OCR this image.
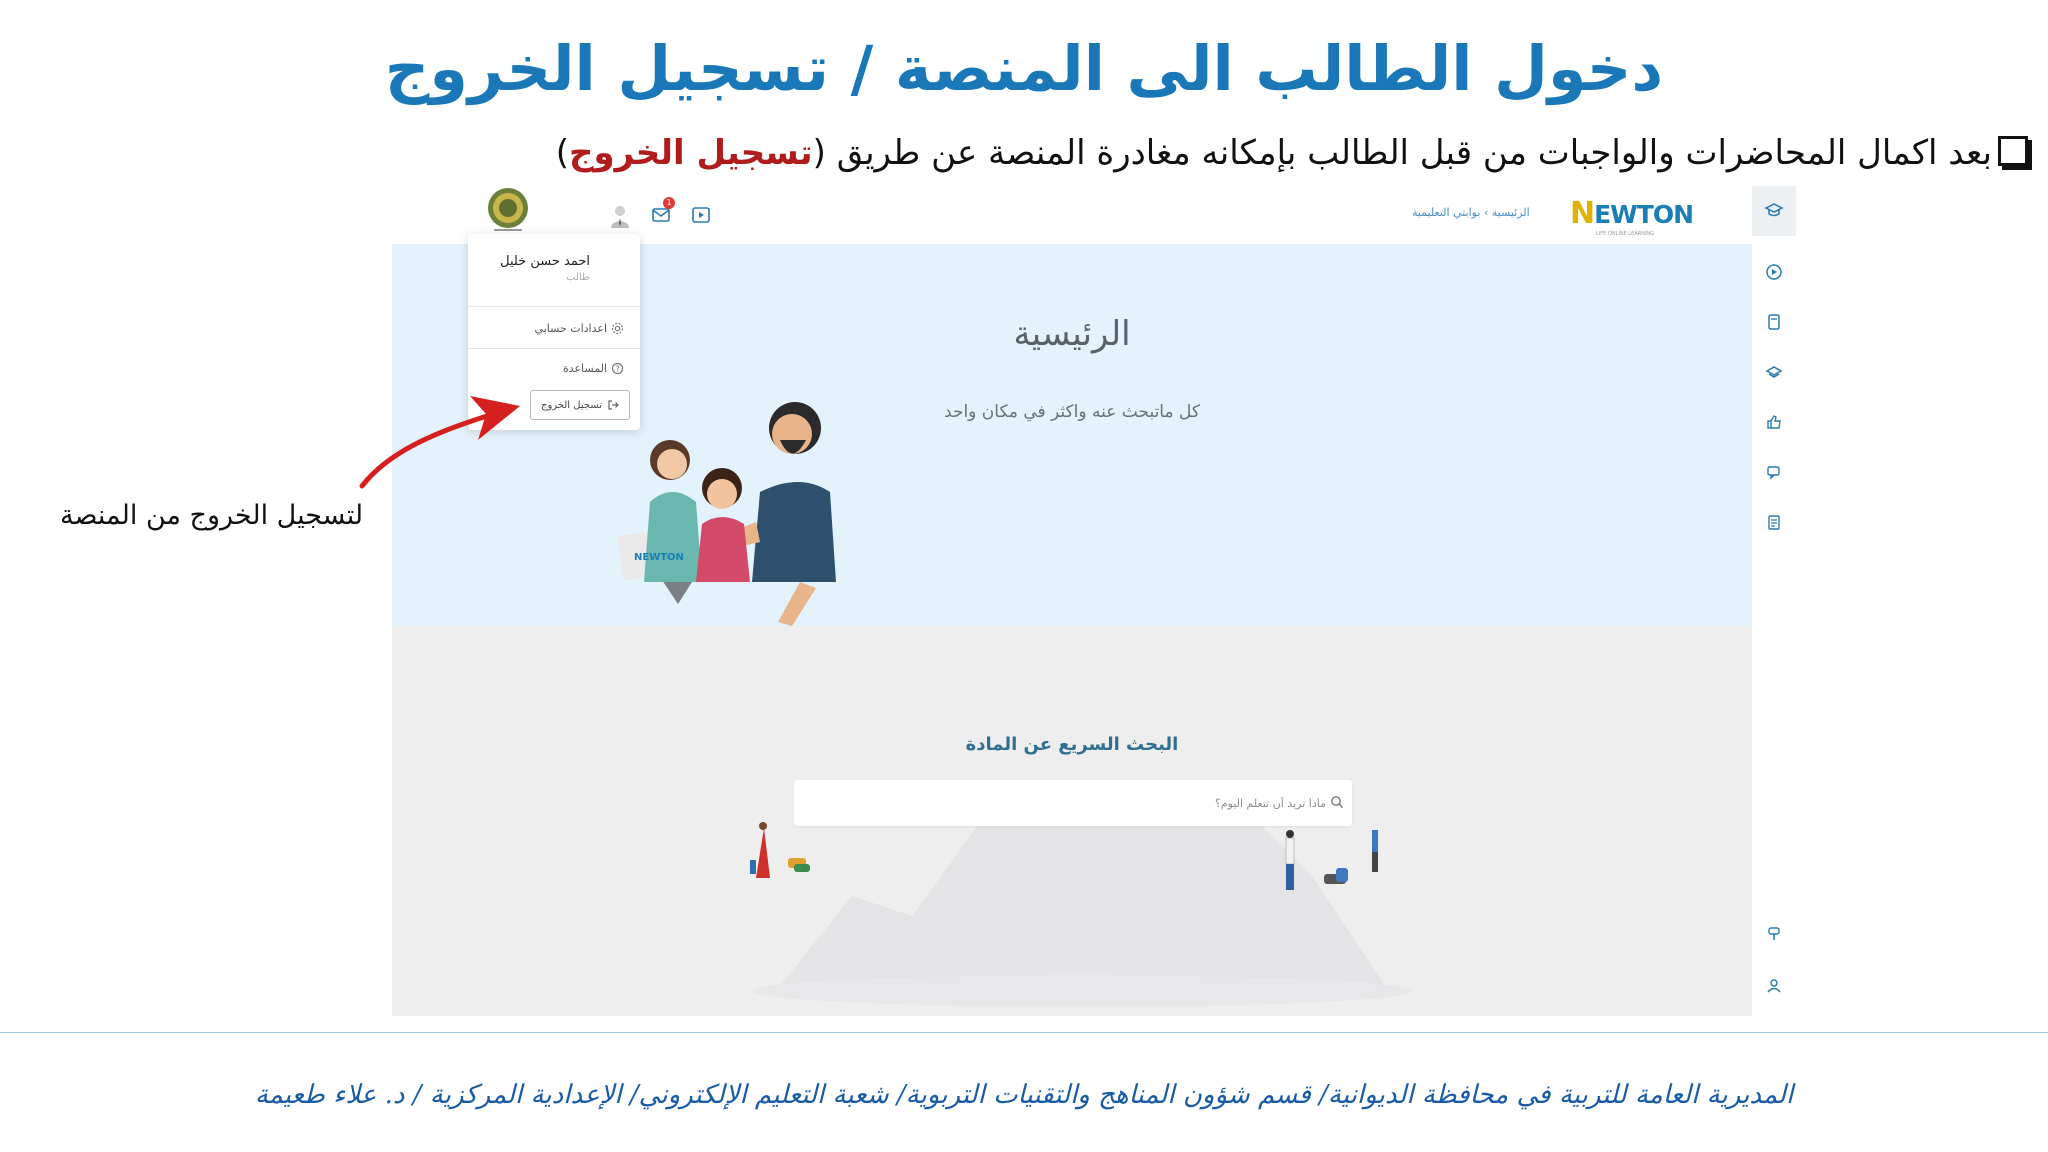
دخول الطالب الى المنصة / تسجيل الخروج
بعد اكمال المحاضرات والواجبات من قبل الطالب بإمكانه مغادرة المنصة عن طريق (تسجيل الخروج)
NEWTON
LIFE ONLINE LEARNING
الرئيسية › بوابتي التعليمية
1
الرئيسية
كل ماتبحث عنه واكثر في مكان واحد
NEWTON
البحث السريع عن المادة
ماذا تريد أن تتعلم اليوم؟
احمد حسن خليل
طالب
اعدادات حسابي
?
المساعدة
تسجيل الخروج
لتسجيل الخروج من المنصة
المديرية العامة للتربية في محافظة الديوانية/ قسم شؤون المناهج والتقنيات التربوية/ شعبة التعليم الإلكتروني/ الإعدادية المركزية / د. علاء طعيمة
